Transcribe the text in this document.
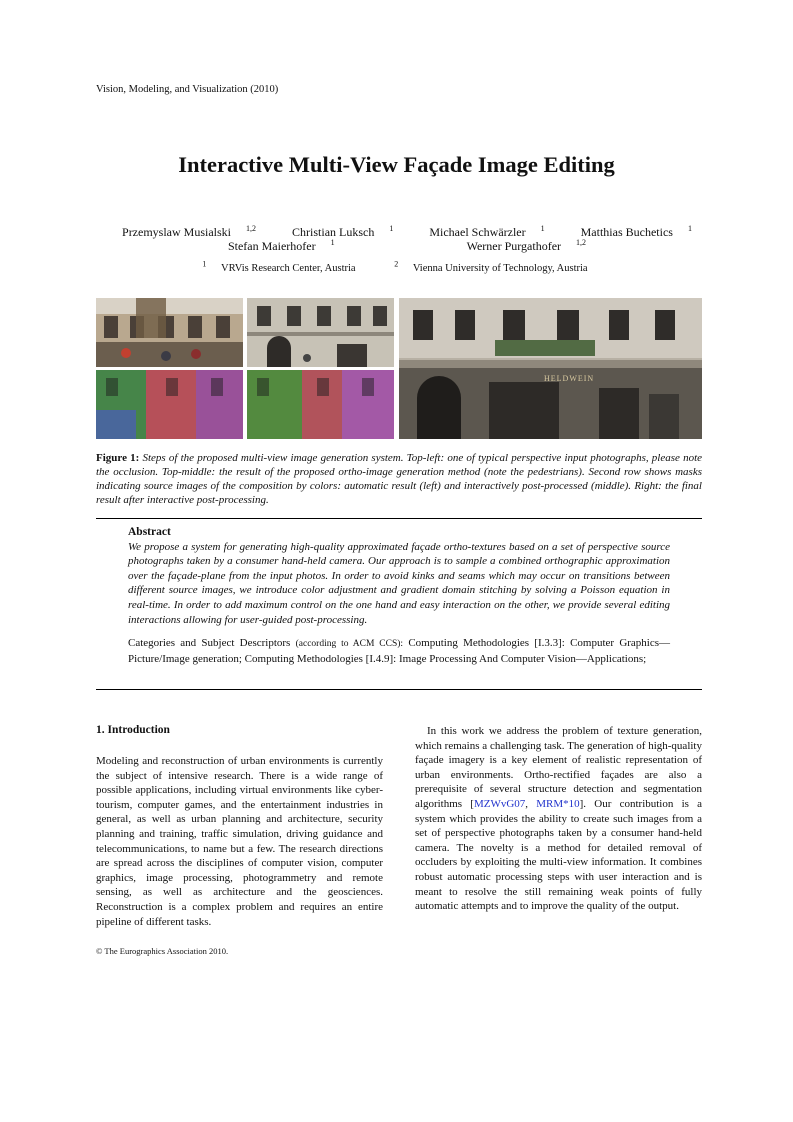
Vision, Modeling, and Visualization (2010)
Interactive Multi-View Façade Image Editing
Przemyslaw Musialski $^{1,2}$	Christian Luksch $^1$	Michael Schwärzler $^1$	Matthias Buchetics $^1$
Stefan Maierhofer $^1$	Werner Purgathofer $^{1,2}$
$^1$ VRVis Research Center, Austria	$^2$ Vienna University of Technology, Austria
HELDWEIN
Figure 1: Steps of the proposed multi-view image generation system. Top-left: one of typical perspective input photographs, please note the occlusion. Top-middle: the result of the proposed ortho-image generation method (note the pedestrians). Second row shows masks indicating source images of the composition by colors: automatic result (left) and interactively post-processed (middle). Right: the final result after interactive post-processing.
Abstract
We propose a system for generating high-quality approximated façade ortho-textures based on a set of perspective source photographs taken by a consumer hand-held camera. Our approach is to sample a combined orthographic approximation over the façade-plane from the input photos. In order to avoid kinks and seams which may occur on transitions between different source images, we introduce color adjustment and gradient domain stitching by solving a Poisson equation in real-time. In order to add maximum control on the one hand and easy interaction on the other, we provide several editing interactions allowing for user-guided post-processing.
Categories and Subject Descriptors (according to ACM CCS): Computing Methodologies [I.3.3]: Computer Graphics—Picture/Image generation; Computing Methodologies [I.4.9]: Image Processing And Computer Vision—Applications;
1. Introduction
Modeling and reconstruction of urban environments is currently the subject of intensive research. There is a wide range of possible applications, including virtual environments like cyber-tourism, computer games, and the entertainment industries in general, as well as urban planning and architecture, security planning and training, traffic simulation, driving guidance and telecommunications, to name but a few. The research directions are spread across the disciplines of computer vision, computer graphics, image processing, photogrammetry and remote sensing, as well as architecture and the geosciences. Reconstruction is a complex problem and requires an entire pipeline of different tasks.
In this work we address the problem of texture generation, which remains a challenging task. The generation of high-quality façade imagery is a key element of realistic representation of urban environments. Ortho-rectified façades are also a prerequisite of several structure detection and segmentation algorithms [MZWvG07, MRM*10]. Our contribution is a system which provides the ability to create such images from a set of perspective photographs taken by a consumer hand-held camera. The novelty is a method for detailed removal of occluders by exploiting the multi-view information. It combines robust automatic processing steps with user interaction and is meant to resolve the still remaining weak points of fully automatic attempts and to improve the quality of the output.
© The Eurographics Association 2010.
